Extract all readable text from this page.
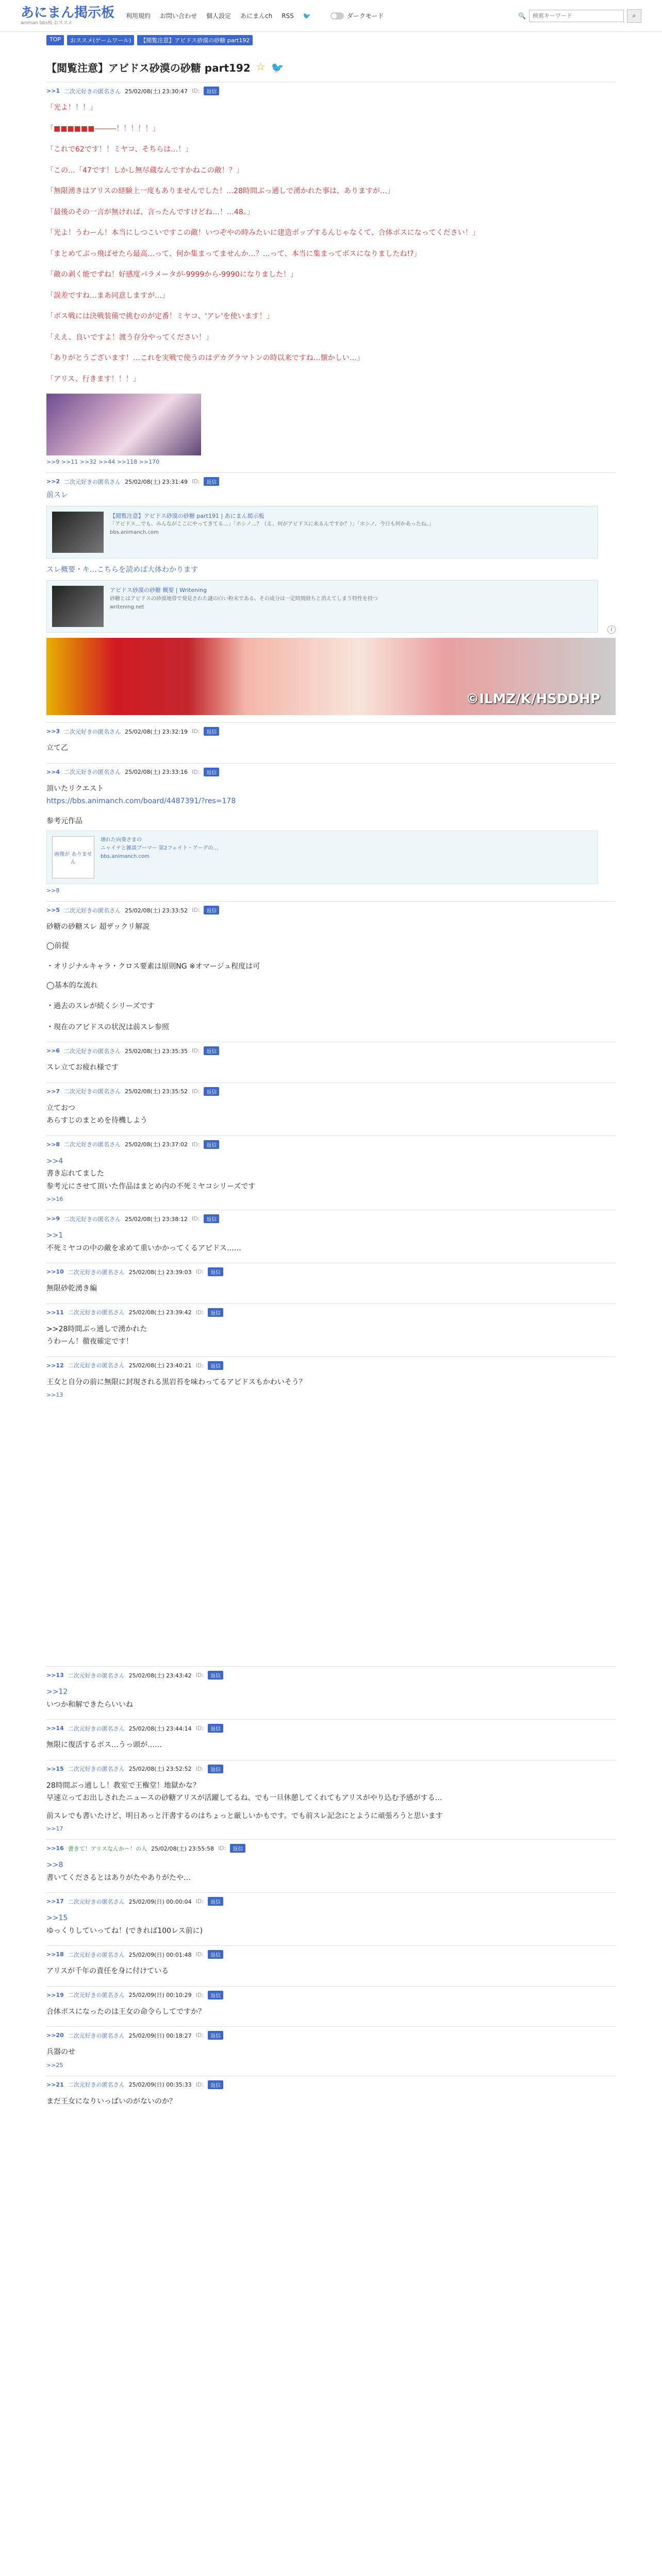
あにまん掲示板
animan bbs板 おススメ
利用規約 お問い合わせ 個人設定 あにまんch RSS 🐦	ダークモード	🔍
検索キーワード	⌕
TOP	おススメ(ゲームワール)	【閲覧注意】アビドス砂漠の砂糖 part192
【閲覧注意】アビドス砂漠の砂糖 part192 ☆ 🐦
>>1 二次元好きの匿名さん 25/02/08(土) 23:30:47 ID:	返信

「光よ！！！」

「■■■■■■―――！！！！！」

「これで62です！！ミヤコ、そちらは…！」

「この…「47です！しかし無尽蔵なんですかねこの敵！？」

「無限湧きはアリスの経験上一度もありませんでした！…28時間ぶっ通しで湧かれた事は、ありますが…」

「最後のその一言が無ければ、言ったんですけどね…！…48。」

「光よ！うわーん！本当にしつこいですこの敵！いつぞやの時みたいに建造ポップするんじゃなくて、合体ボスになってください！」

「まとめてぶっ飛ばせたら最高…って、何か集まってませんか…？…って、本当に集まってボスになりましたね!?」

「敵の剥く能でずね！好感度パラメータが-9999から-9990になりました！」

「誤差ですね…まあ同意しますが…」

「ボス戦には決戦装備で挑むのが定番！ミヤコ、'アレ'を使います！」

「ええ、良いですよ！渡う存分やってください！」

「ありがとうございます！…これを実戦で使うのはデカグラマトンの時以来ですね…懐かしい…」

「アリス、行きます！！！」

>>9 >>11 >>32 >>44 >>118 >>170
>>2 二次元好きの匿名さん 25/02/08(土) 23:31:49 ID:	返信

前スレ

【閲覧注意】アビドス砂漠の砂糖 part191 | あにまん掲示板
「アビドス…でも、みんながここにやってきてる…」「ホシノ…？（え、何がアビドスに来るんですか？）」「ホシノ、今日も何かあったね。」
bbs.animanch.com

スレ概要・キ…こちらを読めば大体わかります

アビドス砂漠の砂糖 概要 | Writening
砂糖とはアビドスの砂漠地帯で発見された謎の白い粉末である。その成分は一定時間経ちと消えてしまう特性を持つ
writening.net
i
©ILMZ/K/HSDDHP
>>3 二次元好きの匿名さん 25/02/08(土) 23:32:19 ID:	返信

立て乙

>>4 二次元好きの匿名さん 25/02/08(土) 23:33:16 ID:	返信

頂いたリクエスト

https://bbs.animanch.com/board/4487391/?res=178

参考元作品

画像が ありません
壊れた向葵さまの
ニャイテと雑談ブーマー 第2フェイト・アーグの…
bbs.animanch.com
>>8
>>5 二次元好きの匿名さん 25/02/08(土) 23:33:52 ID:	返信

砂糖の砂糖スレ 超ザックリ解説

◯前提

・オリジナルキャラ・クロス要素は原則NG ※オマージュ程度は可

◯基本的な流れ

・過去のスレが続くシリーズです

・現在のアビドスの状況は前スレ参照

>>6 二次元好きの匿名さん 25/02/08(土) 23:35:35 ID:	返信

スレ立てお疲れ様です

>>7 二次元好きの匿名さん 25/02/08(土) 23:35:52 ID:	返信

立ておつ

あらすじのまとめを待機しよう

>>8 二次元好きの匿名さん 25/02/08(土) 23:37:02 ID:	返信

>>4

書き忘れてました

参考元にさせて頂いた作品はまとめ内の不死ミヤコシリーズです

>>16
>>9 二次元好きの匿名さん 25/02/08(土) 23:38:12 ID:	返信

>>1

不死ミヤコの中の敵を求めて重いかかってくるアビドス……

>>10 二次元好きの匿名さん 25/02/08(土) 23:39:03 ID:	返信

無限砂乾湧き編

>>11 二次元好きの匿名さん 25/02/08(土) 23:39:42 ID:	返信

>>28時間ぶっ通しで湧かれた

うわーん！徹夜確定です！

>>12 二次元好きの匿名さん 25/02/08(土) 23:40:21 ID:	返信

王女と自分の前に無限に封現される黒岩苔を味わってるアビドスもかわいそう？

>>13
>>13 二次元好きの匿名さん 25/02/08(土) 23:43:42 ID:	返信

>>12

いつか和解できたらいいね

>>14 二次元好きの匿名さん 25/02/08(土) 23:44:14 ID:	返信

無限に復活するボス…うっ頭が……

>>15 二次元好きの匿名さん 25/02/08(土) 23:52:52 ID:	返信

28時間ぶっ通しし！教室で王権堂！地獄かな？

早速立ってお出しされたニュースの砂糖アリスが活躍してるね、でも一旦休憩してくれてもアリスがやり込む予感がする…

前スレでも書いたけど、明日あっと汗書するのはちょっと厳しいかもです。でも前スレ記念にとように頑張ろうと思います

>>17
>>16 書きて！アリスなんか～！の人 25/02/08(土) 23:55:58 ID:	返信

>>8

書いてくださるとはありがたやありがたや…

>>17 二次元好きの匿名さん 25/02/09(日) 00:00:04 ID:	返信

>>15

ゆっくりしていってね！(できれば100レス前に)

>>18 二次元好きの匿名さん 25/02/09(日) 00:01:48 ID:	返信

アリスが千年の責任を身に付けている

>>19 二次元好きの匿名さん 25/02/09(日) 00:10:29 ID:	返信

合体ボスになったのは王女の命令らしてですか？

>>20 二次元好きの匿名さん 25/02/09(日) 00:18:27 ID:	返信

兵器のせ

>>25
>>21 二次元好きの匿名さん 25/02/09(日) 00:35:33 ID:	返信

まだ王女になりいっぱいのがないのか？
